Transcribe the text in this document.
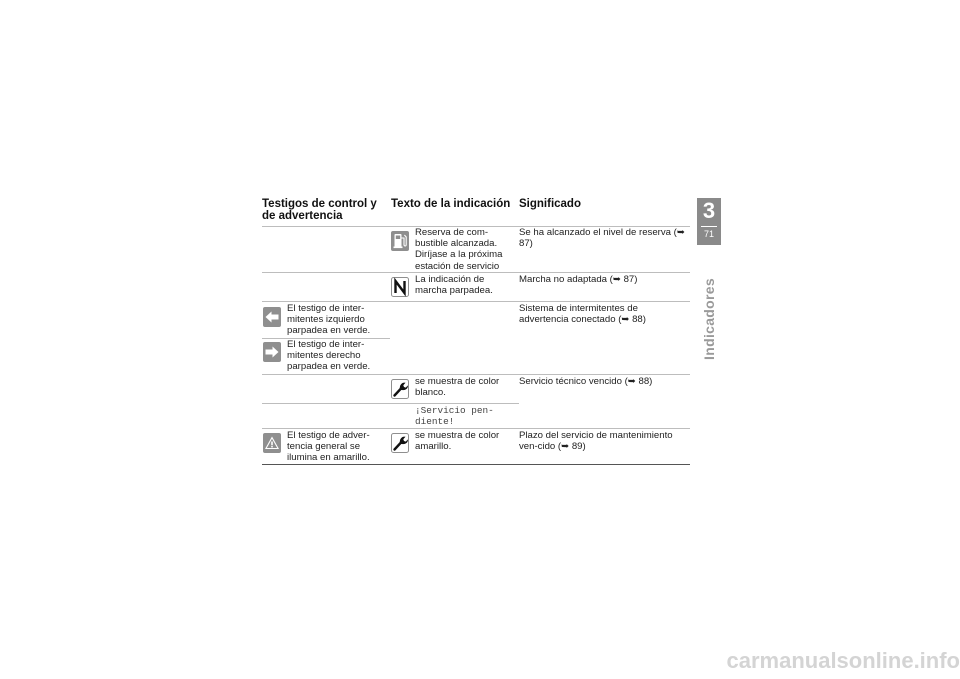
Testigos de control y de advertencia
Texto de la indicación Significado
Reserva de com-bustible alcanzada. Diríjase a la próxima estación de servicio
Se ha alcanzado el nivel de reserva (➥ 87)
La indicación de marcha parpadea.
Marcha no adaptada (➥ 87)
El testigo de inter-mitentes izquierdo parpadea en verde.
Sistema de intermitentes de advertencia conectado (➥ 88)
El testigo de inter-mitentes derecho parpadea en verde.
se muestra de color blanco.
Servicio técnico vencido (➥ 88)
¡Servicio pen-diente!
El testigo de adver-tencia general se ilumina en amarillo.
se muestra de color amarillo.
Plazo del servicio de mantenimiento ven-cido (➥ 89)
3
71
Indicadores
carmanualsonline.info
